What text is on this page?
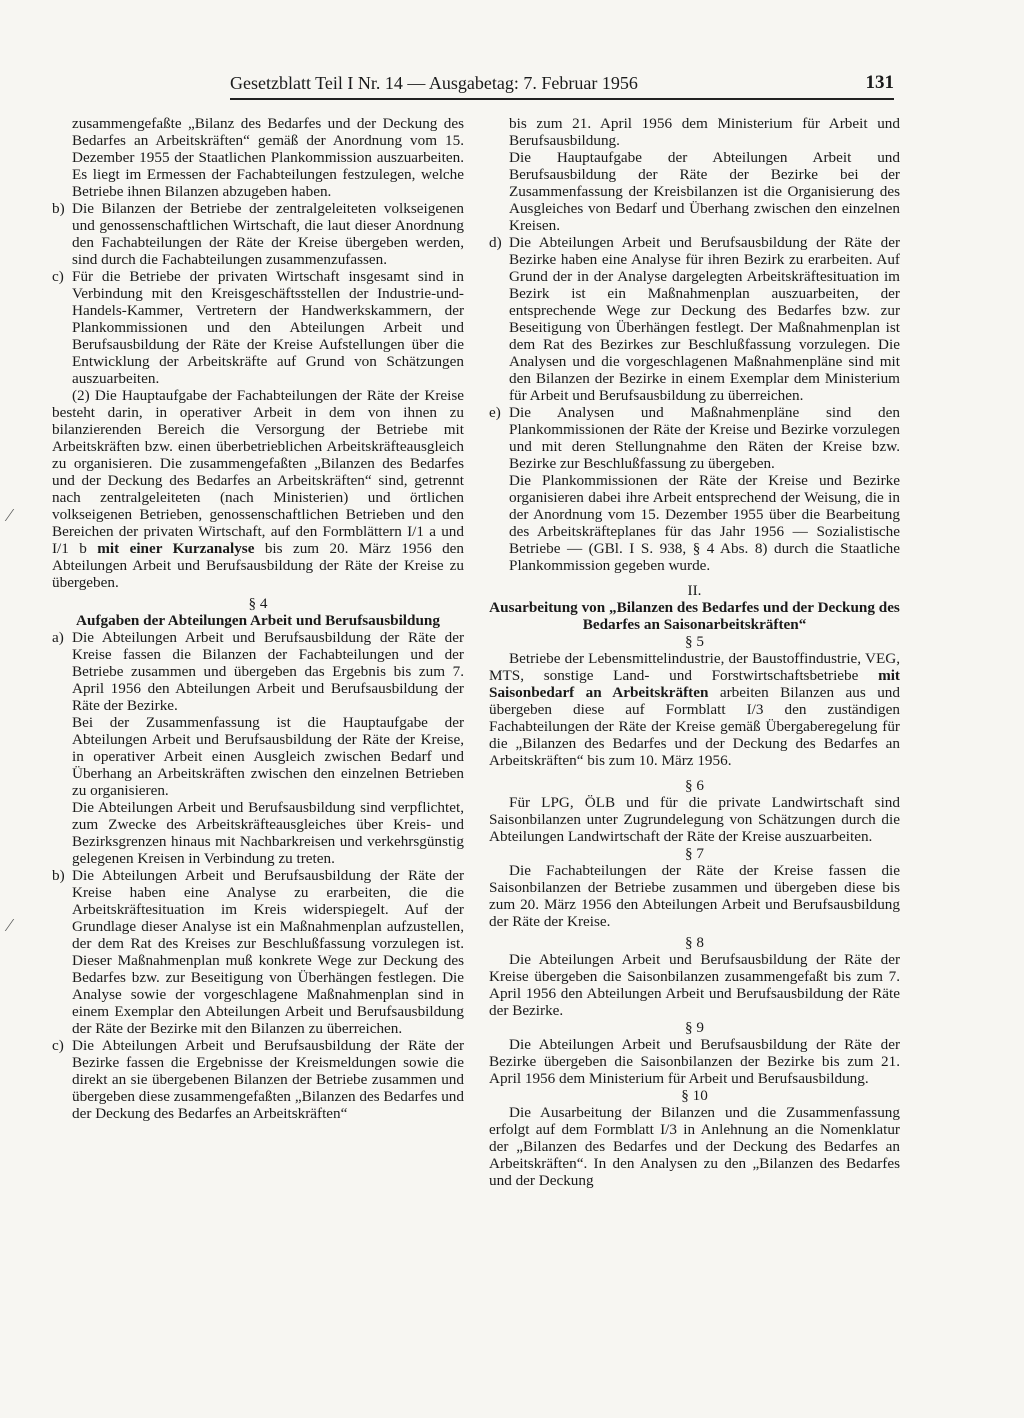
Gesetzblatt Teil I Nr. 14 — Ausgabetag: 7. Februar 1956	131
⁄
⁄

zusammengefaßte „Bilanz des Bedarfes und der Deckung des Bedarfes an Arbeitskräften“ gemäß der Anordnung vom 15. Dezember 1955 der Staatlichen Plankommission auszuarbeiten. Es liegt im Ermessen der Fachabteilungen festzulegen, welche Betriebe ihnen Bilanzen abzugeben haben.

b) Die Bilanzen der Betriebe der zentralgeleiteten volkseigenen und genossenschaftlichen Wirtschaft, die laut dieser Anordnung den Fachabteilungen der Räte der Kreise übergeben werden, sind durch die Fachabteilungen zusammenzufassen.

c) Für die Betriebe der privaten Wirtschaft insgesamt sind in Verbindung mit den Kreisgeschäftsstellen der Industrie-und-Handels-Kammer, Vertretern der Handwerkskammern, der Plankommissionen und den Abteilungen Arbeit und Berufsausbildung der Räte der Kreise Aufstellungen über die Entwicklung der Arbeitskräfte auf Grund von Schätzungen auszuarbeiten.

(2) Die Hauptaufgabe der Fachabteilungen der Räte der Kreise besteht darin, in operativer Arbeit in dem von ihnen zu bilanzierenden Bereich die Versorgung der Betriebe mit Arbeitskräften bzw. einen überbetrieblichen Arbeitskräfteausgleich zu organisieren. Die zusammengefaßten „Bilanzen des Bedarfes und der Deckung des Bedarfes an Arbeitskräften“ sind, getrennt nach zentralgeleiteten (nach Ministerien) und örtlichen volkseigenen Betrieben, genossenschaftlichen Betrieben und den Bereichen der privaten Wirtschaft, auf den Formblättern I/1 a und I/1 b mit einer Kurzanalyse bis zum 20. März 1956 den Abteilungen Arbeit und Berufsausbildung der Räte der Kreise zu übergeben.

§ 4

Aufgaben der Abteilungen Arbeit und Berufsausbildung

a) Die Abteilungen Arbeit und Berufsausbildung der Räte der Kreise fassen die Bilanzen der Fachabteilungen und der Betriebe zusammen und übergeben das Ergebnis bis zum 7. April 1956 den Abteilungen Arbeit und Berufsausbildung der Räte der Bezirke.

Bei der Zusammenfassung ist die Hauptaufgabe der Abteilungen Arbeit und Berufsausbildung der Räte der Kreise, in operativer Arbeit einen Ausgleich zwischen Bedarf und Überhang an Arbeitskräften zwischen den einzelnen Betrieben zu organisieren.

Die Abteilungen Arbeit und Berufsausbildung sind verpflichtet, zum Zwecke des Arbeitskräfteausgleiches über Kreis- und Bezirksgrenzen hinaus mit Nachbarkreisen und verkehrsgünstig gelegenen Kreisen in Verbindung zu treten.

b) Die Abteilungen Arbeit und Berufsausbildung der Räte der Kreise haben eine Analyse zu erarbeiten, die die Arbeitskräftesituation im Kreis widerspiegelt. Auf der Grundlage dieser Analyse ist ein Maßnahmenplan aufzustellen, der dem Rat des Kreises zur Beschlußfassung vorzulegen ist. Dieser Maßnahmenplan muß konkrete Wege zur Deckung des Bedarfes bzw. zur Beseitigung von Überhängen festlegen. Die Analyse sowie der vorgeschlagene Maßnahmenplan sind in einem Exemplar den Abteilungen Arbeit und Berufsausbildung der Räte der Bezirke mit den Bilanzen zu überreichen.

c) Die Abteilungen Arbeit und Berufsausbildung der Räte der Bezirke fassen die Ergebnisse der Kreismeldungen sowie die direkt an sie übergebenen Bilanzen der Betriebe zusammen und übergeben diese zusammengefaßten „Bilanzen des Bedarfes und der Deckung des Bedarfes an Arbeitskräften“

bis zum 21. April 1956 dem Ministerium für Arbeit und Berufsausbildung.

Die Hauptaufgabe der Abteilungen Arbeit und Berufsausbildung der Räte der Bezirke bei der Zusammenfassung der Kreisbilanzen ist die Organisierung des Ausgleiches von Bedarf und Überhang zwischen den einzelnen Kreisen.

d) Die Abteilungen Arbeit und Berufsausbildung der Räte der Bezirke haben eine Analyse für ihren Bezirk zu erarbeiten. Auf Grund der in der Analyse dargelegten Arbeitskräftesituation im Bezirk ist ein Maßnahmenplan auszuarbeiten, der entsprechende Wege zur Deckung des Bedarfes bzw. zur Beseitigung von Überhängen festlegt. Der Maßnahmenplan ist dem Rat des Bezirkes zur Beschlußfassung vorzulegen. Die Analysen und die vorgeschlagenen Maßnahmenpläne sind mit den Bilanzen der Bezirke in einem Exemplar dem Ministerium für Arbeit und Berufsausbildung zu überreichen.

e) Die Analysen und Maßnahmenpläne sind den Plankommissionen der Räte der Kreise und Bezirke vorzulegen und mit deren Stellungnahme den Räten der Kreise bzw. Bezirke zur Beschlußfassung zu übergeben.

Die Plankommissionen der Räte der Kreise und Bezirke organisieren dabei ihre Arbeit entsprechend der Weisung, die in der Anordnung vom 15. Dezember 1955 über die Bearbeitung des Arbeitskräfteplanes für das Jahr 1956 — Sozialistische Betriebe — (GBl. I S. 938, § 4 Abs. 8) durch die Staatliche Plankommission gegeben wurde.

II.

Ausarbeitung von „Bilanzen des Bedarfes und der Deckung des Bedarfes an Saisonarbeitskräften“

§ 5

Betriebe der Lebensmittelindustrie, der Baustoffindustrie, VEG, MTS, sonstige Land- und Forstwirtschaftsbetriebe mit Saisonbedarf an Arbeitskräften arbeiten Bilanzen aus und übergeben diese auf Formblatt I/3 den zuständigen Fachabteilungen der Räte der Kreise gemäß Übergaberegelung für die „Bilanzen des Bedarfes und der Deckung des Bedarfes an Arbeitskräften“ bis zum 10. März 1956.

§ 6

Für LPG, ÖLB und für die private Landwirtschaft sind Saisonbilanzen unter Zugrundelegung von Schätzungen durch die Abteilungen Landwirtschaft der Räte der Kreise auszuarbeiten.

§ 7

Die Fachabteilungen der Räte der Kreise fassen die Saisonbilanzen der Betriebe zusammen und übergeben diese bis zum 20. März 1956 den Abteilungen Arbeit und Berufsausbildung der Räte der Kreise.

§ 8

Die Abteilungen Arbeit und Berufsausbildung der Räte der Kreise übergeben die Saisonbilanzen zusammengefaßt bis zum 7. April 1956 den Abteilungen Arbeit und Berufsausbildung der Räte der Bezirke.

§ 9

Die Abteilungen Arbeit und Berufsausbildung der Räte der Bezirke übergeben die Saisonbilanzen der Bezirke bis zum 21. April 1956 dem Ministerium für Arbeit und Berufsausbildung.

§ 10

Die Ausarbeitung der Bilanzen und die Zusammenfassung erfolgt auf dem Formblatt I/3 in Anlehnung an die Nomenklatur der „Bilanzen des Bedarfes und der Deckung des Bedarfes an Arbeitskräften“. In den Analysen zu den „Bilanzen des Bedarfes und der Deckung
